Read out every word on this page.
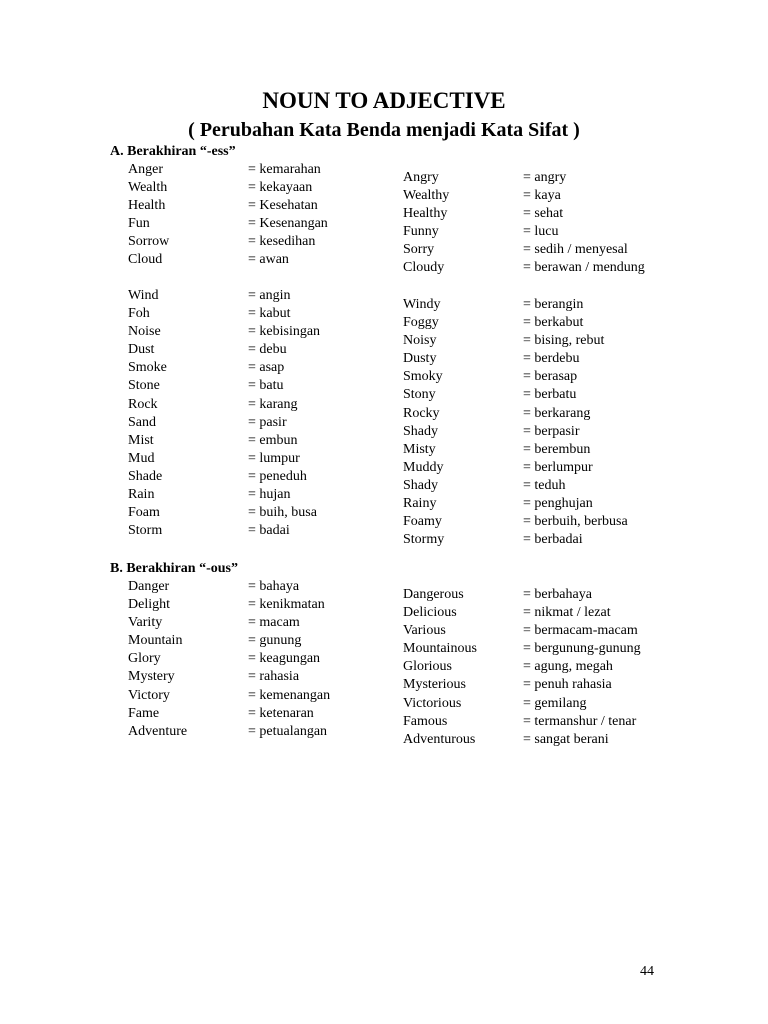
NOUN TO ADJECTIVE
( Perubahan Kata Benda menjadi Kata Sifat )
A. Berakhiran “-ess”
Anger	= kemarahan
Wealth	= kekayaan
Health	= Kesehatan
Fun	= Kesenangan
Sorrow	= kesedihan
Cloud	= awan
Wind	= angin
Foh	= kabut
Noise	= kebisingan
Dust	= debu
Smoke	= asap
Stone	= batu
Rock	= karang
Sand	= pasir
Mist	= embun
Mud	= lumpur
Shade	= peneduh
Rain	= hujan
Foam	= buih, busa
Storm	= badai
Angry	= angry
Wealthy	= kaya
Healthy	= sehat
Funny	= lucu
Sorry	= sedih / menyesal
Cloudy	= berawan / mendung
Windy	= berangin
Foggy	= berkabut
Noisy	= bising, rebut
Dusty	= berdebu
Smoky	= berasap
Stony	= berbatu
Rocky	= berkarang
Shady	= berpasir
Misty	= berembun
Muddy	= berlumpur
Shady	= teduh
Rainy	= penghujan
Foamy	= berbuih, berbusa
Stormy	= berbadai
B. Berakhiran “-ous”
Danger	= bahaya
Delight	= kenikmatan
Varity	= macam
Mountain	= gunung
Glory	= keagungan
Mystery	= rahasia
Victory	= kemenangan
Fame	= ketenaran
Adventure	= petualangan
Dangerous	= berbahaya
Delicious	= nikmat / lezat
Various	= bermacam-macam
Mountainous	= bergunung-gunung
Glorious	= agung, megah
Mysterious	= penuh rahasia
Victorious	= gemilang
Famous	= termanshur / tenar
Adventurous	= sangat berani
44
